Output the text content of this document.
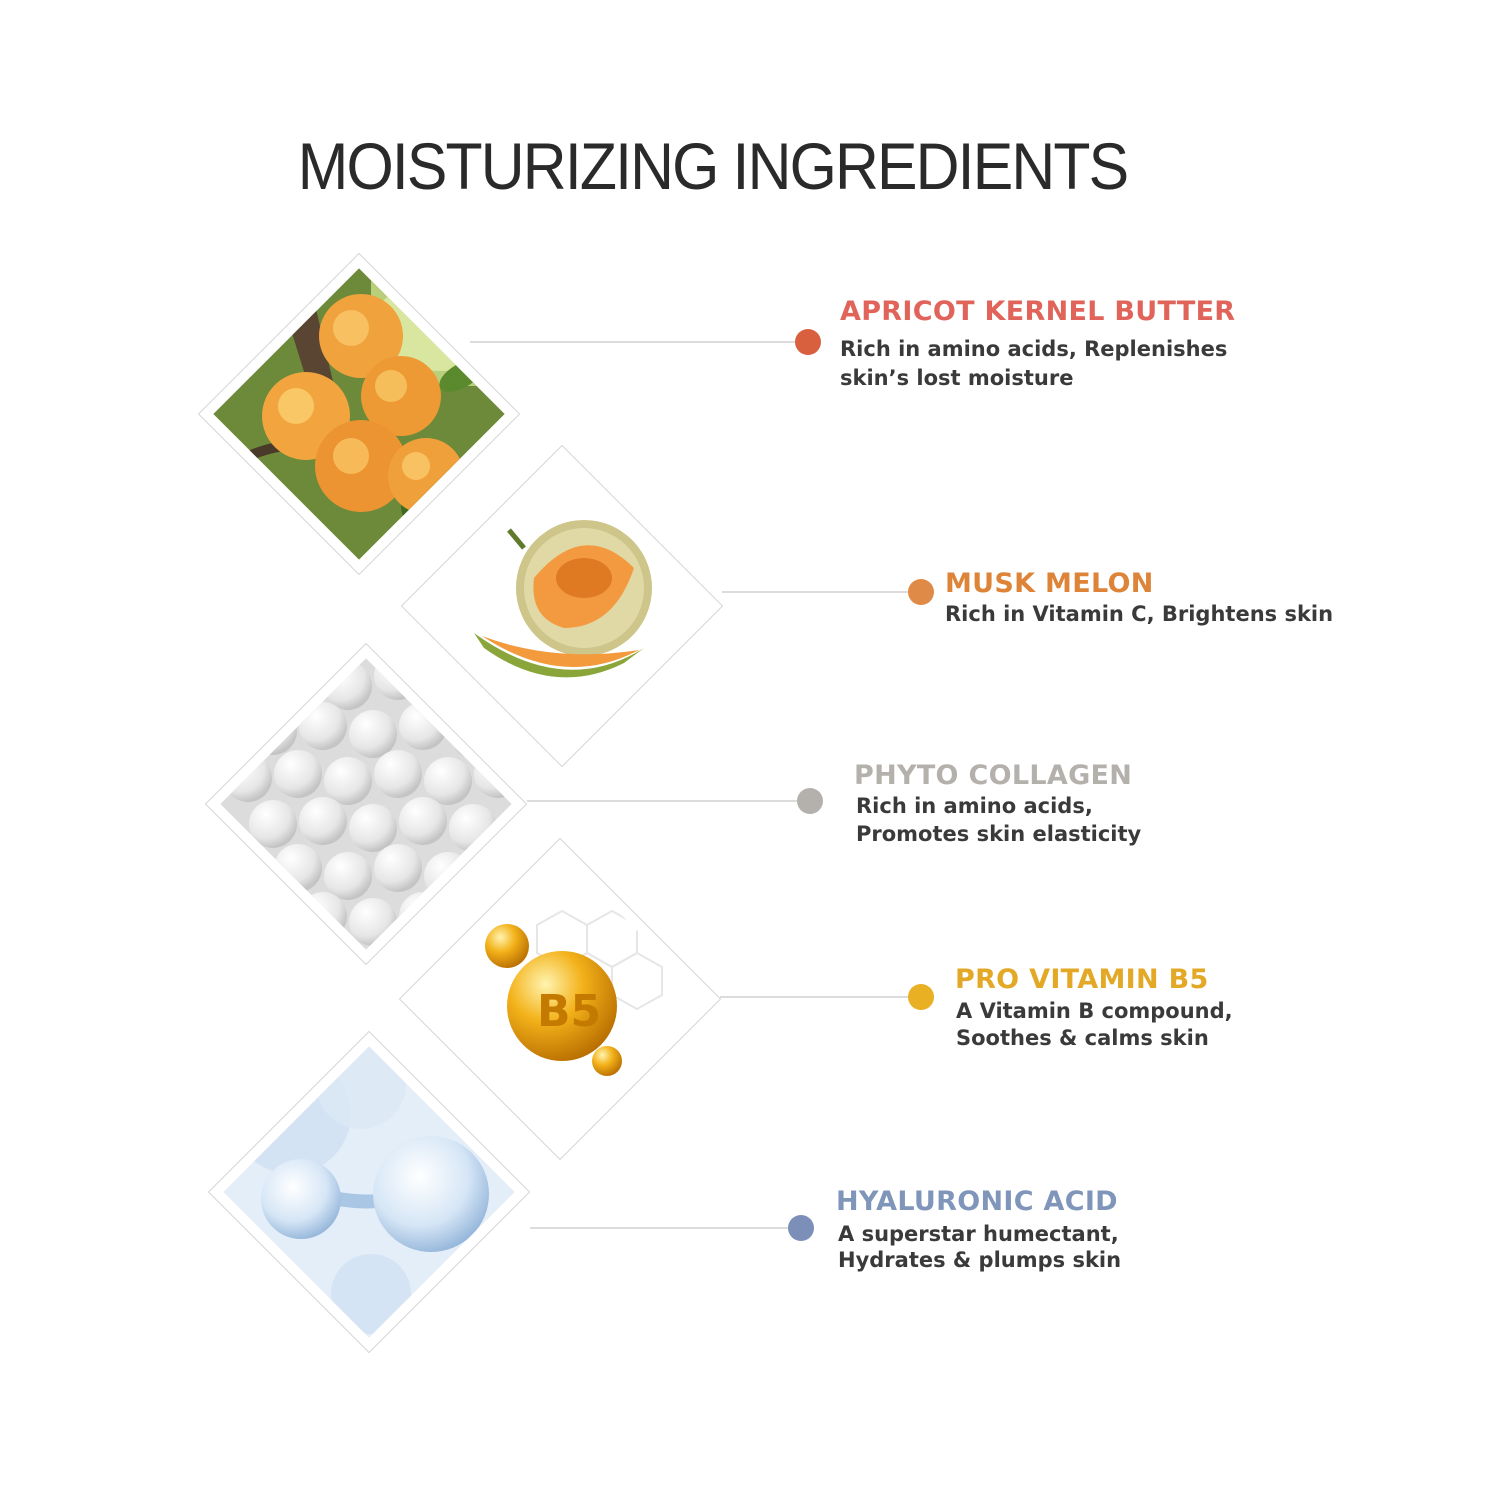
MOISTURIZING INGREDIENTS
APRICOT KERNEL BUTTER
Rich in amino acids, Replenishes
skin’s lost moisture
MUSK MELON
Rich in Vitamin C, Brightens skin
PHYTO COLLAGEN
Rich in amino acids,
Promotes skin elasticity
B5
PRO VITAMIN B5
A Vitamin B compound,
Soothes & calms skin
HYALURONIC ACID
A superstar humectant,
Hydrates & plumps skin
